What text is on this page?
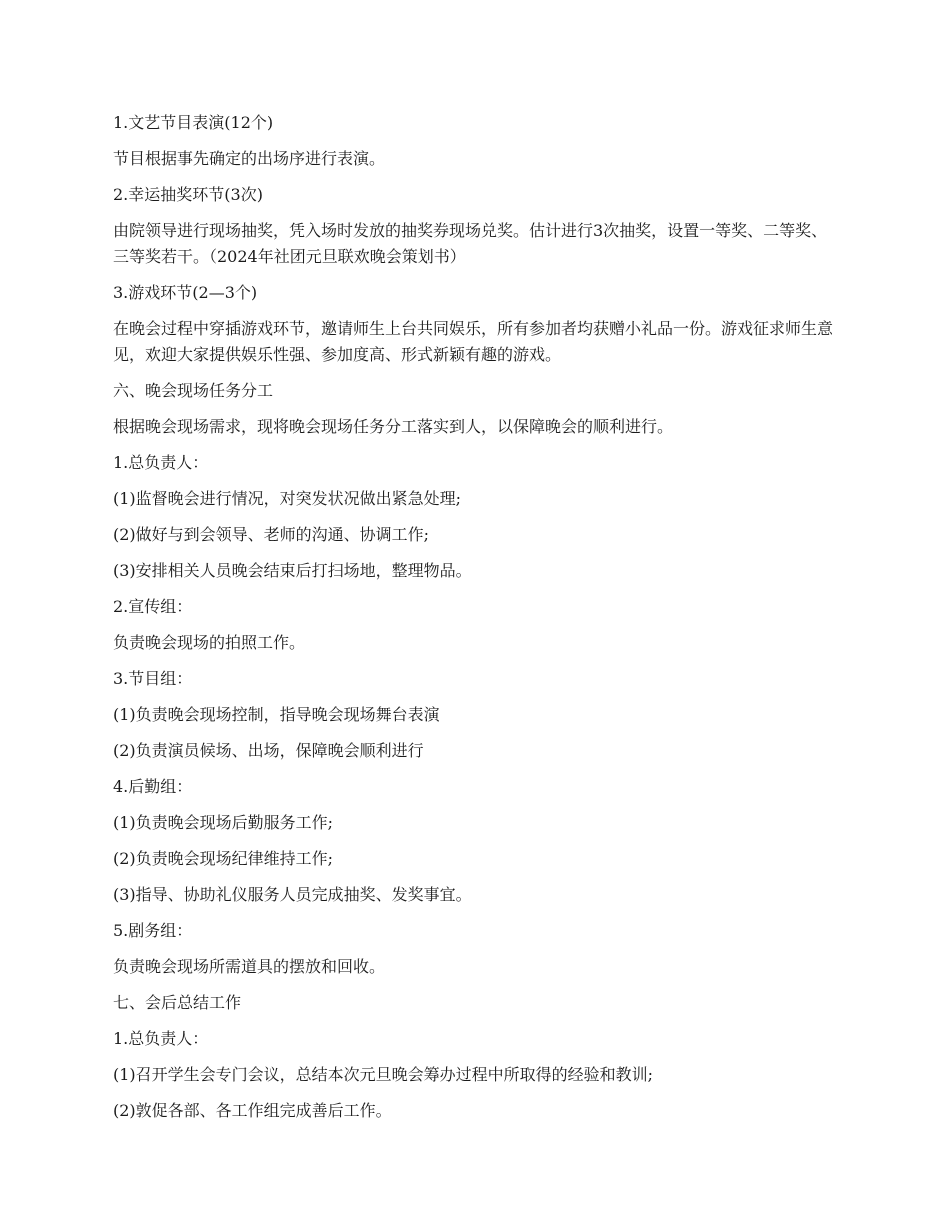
1.文艺节目表演(12个)

节目根据事先确定的出场序进行表演。

2.幸运抽奖环节(3次)

由院领导进行现场抽奖，凭入场时发放的抽奖券现场兑奖。估计进行3次抽奖，设置一等奖、二等奖、三等奖若干。（2024年社团元旦联欢晚会策划书）

3.游戏环节(2—3个)

在晚会过程中穿插游戏环节，邀请师生上台共同娱乐，所有参加者均获赠小礼品一份。游戏征求师生意见，欢迎大家提供娱乐性强、参加度高、形式新颖有趣的游戏。

六、晚会现场任务分工

根据晚会现场需求，现将晚会现场任务分工落实到人，以保障晚会的顺利进行。

1.总负责人：

(1)监督晚会进行情况，对突发状况做出紧急处理;

(2)做好与到会领导、老师的沟通、协调工作;

(3)安排相关人员晚会结束后打扫场地，整理物品。

2.宣传组：

负责晚会现场的拍照工作。

3.节目组：

(1)负责晚会现场控制，指导晚会现场舞台表演

(2)负责演员候场、出场，保障晚会顺利进行

4.后勤组：

(1)负责晚会现场后勤服务工作;

(2)负责晚会现场纪律维持工作;

(3)指导、协助礼仪服务人员完成抽奖、发奖事宜。

5.剧务组：

负责晚会现场所需道具的摆放和回收。

七、会后总结工作

1.总负责人：

(1)召开学生会专门会议，总结本次元旦晚会筹办过程中所取得的经验和教训;

(2)敦促各部、各工作组完成善后工作。
